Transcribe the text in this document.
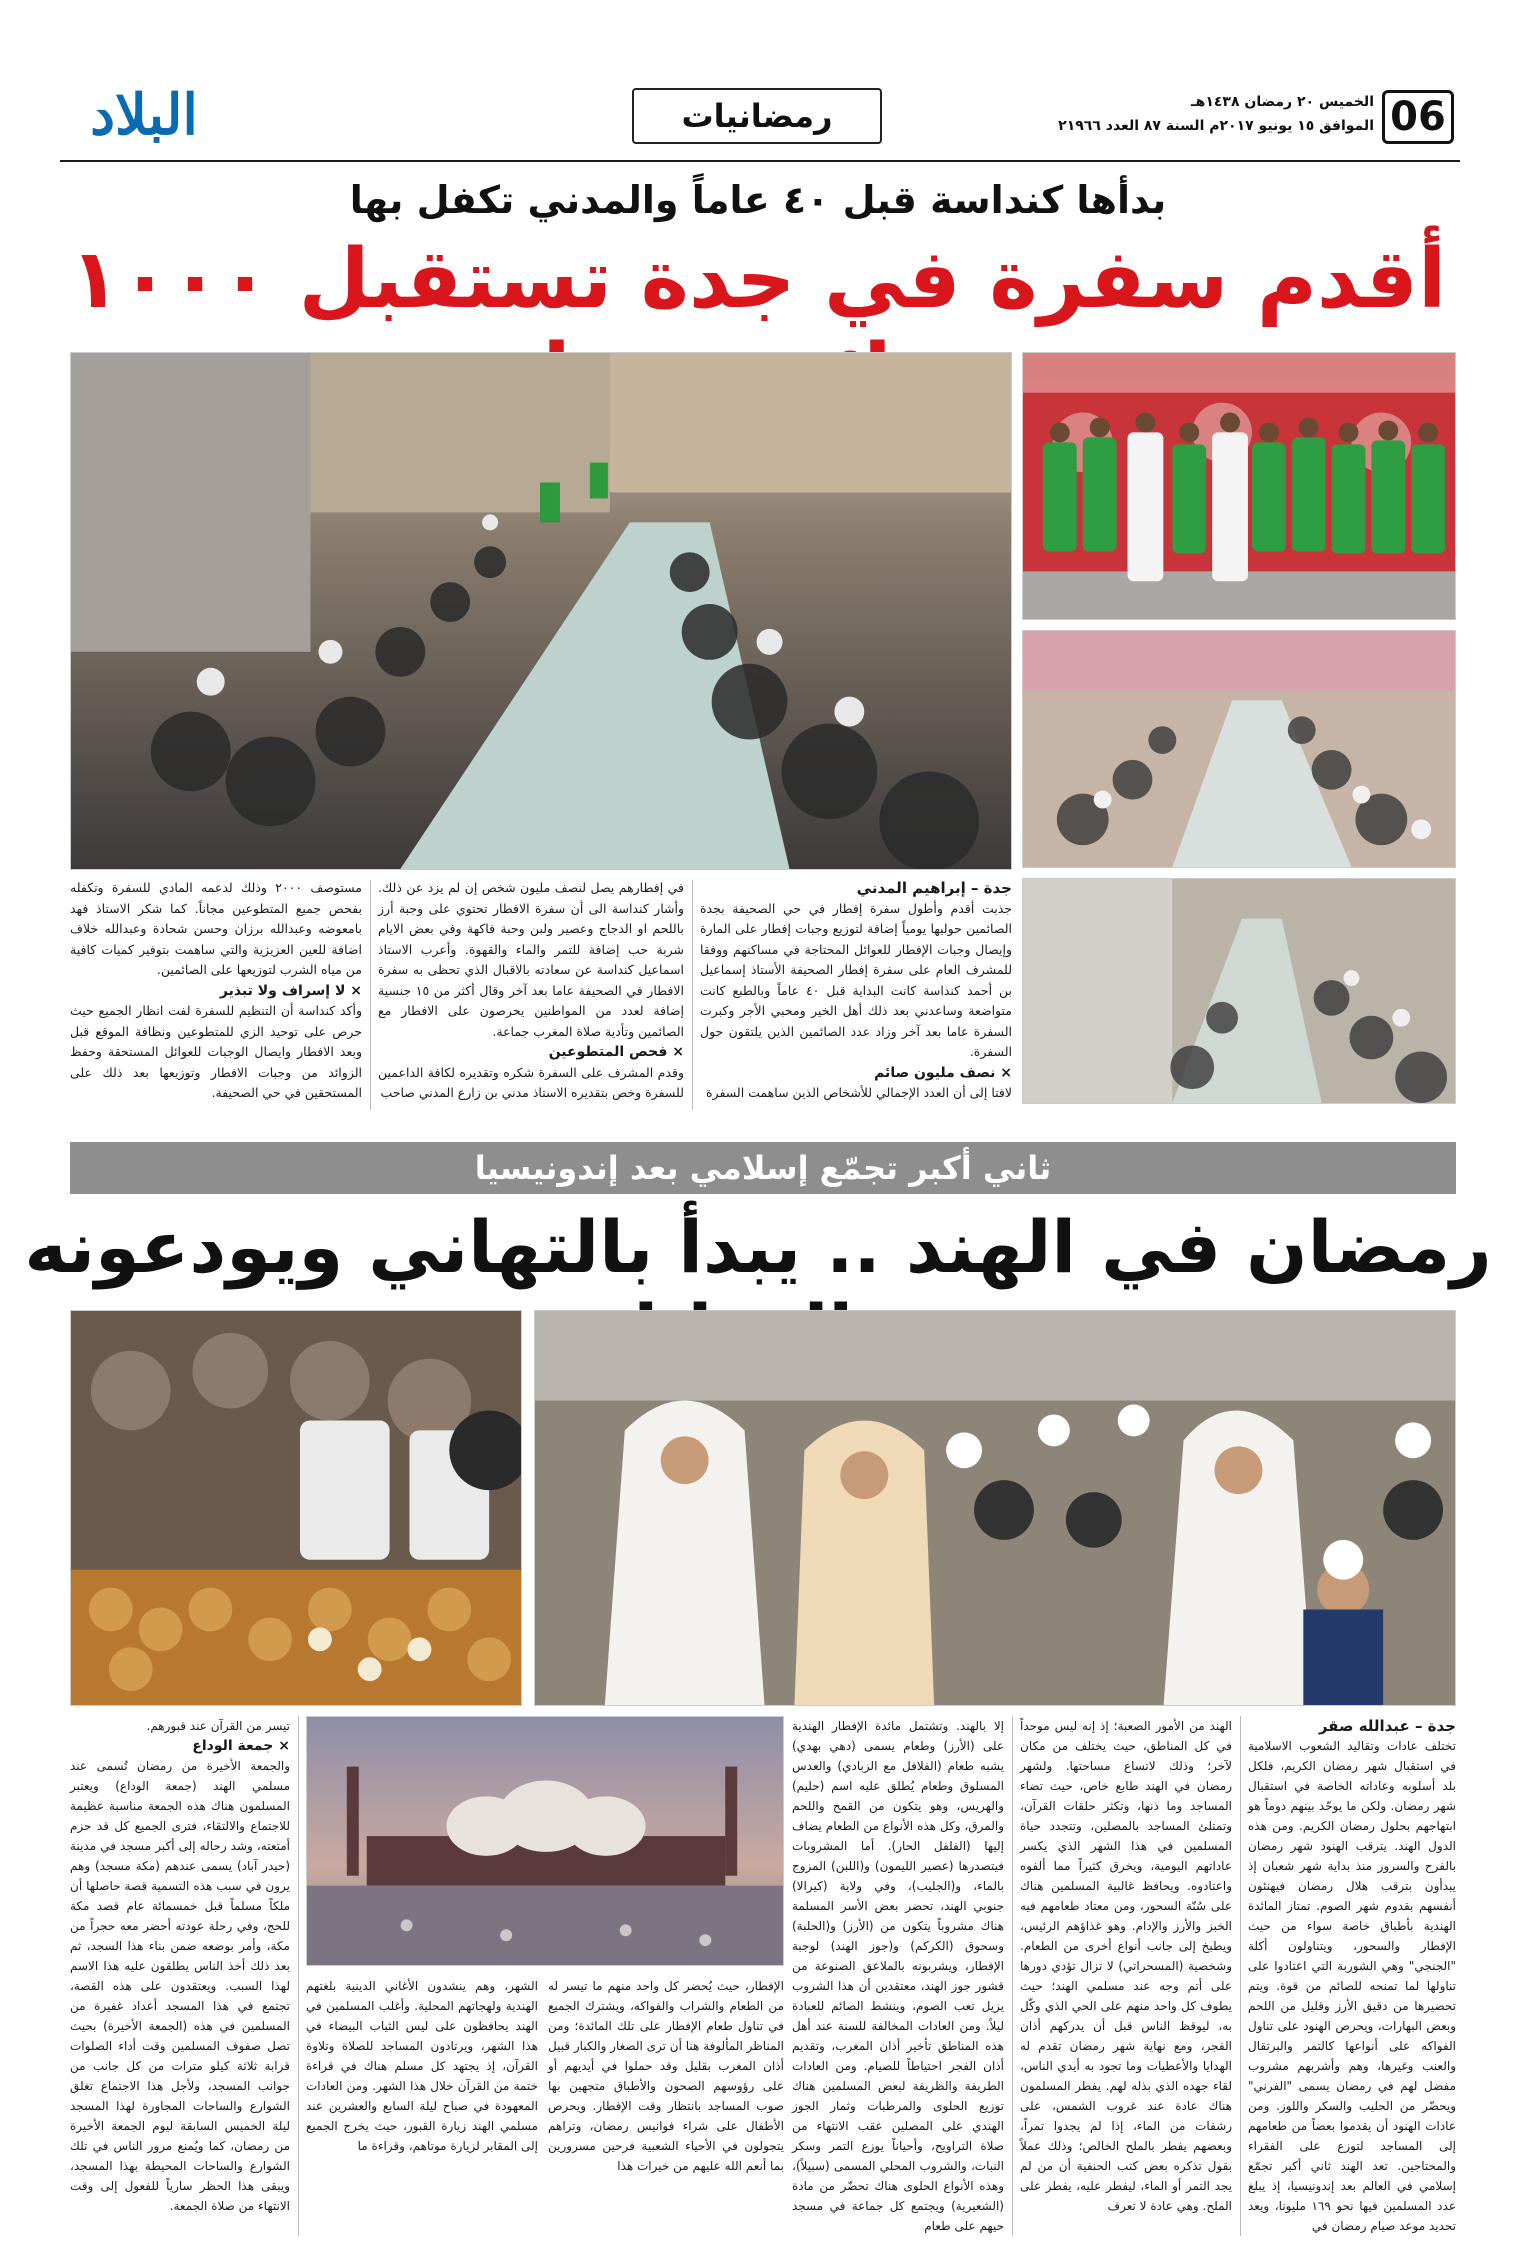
06
الخميس ٢٠ رمضان ١٤٣٨هـ
الموافق ١٥ يونيو ٢٠١٧م السنة ٨٧ العدد ٢١٩٦٦
رمضانيات
البلاد
بدأها كنداسة قبل ٤٠ عاماً والمدني تكفل بها
أقدم سفرة في جدة تستقبل ١٠٠٠

جدة – إبراهيم المدني

جذبت أقدم وأطول سفرة إفطار في حي الصحيفة بجدة الصائمين حوليها يومياً إضافة لتوزيع وجبات إفطار على المارة وإيصال وجبات الإفطار للعوائل المحتاجة في مساكنهم ووفقا للمشرف العام على سفرة إفطار الصحيفة الأستاذ إسماعيل بن أحمد كنداسة كانت البداية قبل ٤٠ عاماً وبالطبع كانت متواضعة وساعدني بعد ذلك أهل الخير ومحبي الأجر وكبرت السفرة عاما بعد آخر وزاد عدد الصائمين الذين يلتقون حول السفرة.

× نصف مليون صائم

لافتا إلى أن العدد الإجمالي للأشخاص الذين ساهمت السفرة

في إفطارهم يصل لنصف مليون شخص إن لم يزد عن ذلك. وأشار كنداسة الى أن سفرة الافطار تحتوي على وجبة أرز باللحم او الدجاج وعصير ولبن وحبة فاكهة وفي بعض الايام شربة حب إضافة للتمر والماء والقهوة. وأعرب الاستاذ اسماعيل كنداسة عن سعادته بالاقبال الذي تحظى به سفرة الافطار في الصحيفة عاما بعد آخر وقال أكثر من ١٥ جنسية إضافة لعدد من المواطنين يحرصون على الافطار مع الصائمين وتأدية صلاة المغرب جماعة.

× فحص المتطوعين

وقدم المشرف على السفرة شكره وتقديره لكافة الداعمين للسفرة وخص بتقديره الاستاذ مدني بن زارع المدني صاحب

مستوصف ٢٠٠٠ وذلك لدعمه المادي للسفرة وتكفله بفحص جميع المتطوعين مجاناً. كما شكر الاستاذ فهد بامعوضه وعبدالله برزان وحسن شحادة وعبدالله خلاف اضافة للعين العزيزية والتي ساهمت بتوفير كميات كافية من مياه الشرب لتوزيعها على الصائمين.

× لا إسراف ولا تبذير

وأكد كنداسة أن التنظيم للسفرة لفت انظار الجميع حيث حرص على توحيد الزي للمتطوعين ونظافة الموقع قبل وبعد الافطار وايصال الوجبات للعوائل المستحقة وحفظ الزوائد من وجبات الافطار وتوزيعها بعد ذلك على المستحقين في حي الصحيفة.

ثاني أكبر تجمّع إسلامي بعد إندونيسيا
رمضان في الهند .. يبدأ بالتهاني ويودعونه

جدة – عبدالله صقر

تختلف عادات وتقاليد الشعوب الاسلامية في استقبال شهر رمضان الكريم، فلكل بلد أسلوبه وعاداته الخاصة في استقبال شهر رمضان. ولكن ما يوحّد بينهم دوماً هو ابتهاجهم بحلول رمضان الكريم. ومن هذه الدول الهند. يترقب الهنود شهر رمضان بالفرح والسرور منذ بداية شهر شعبان إذ يبدأون بترقب هلال رمضان فيهنئون أنفسهم بقدوم شهر الصوم. تمتاز المائدة الهندية بأطباق خاصة سواء من حيث الإفطار والسحور، ويتناولون أكلة "الجنجي" وهي الشوربة التي اعتادوا على تناولها لما تمنحه للصائم من قوة. ويتم تحضيرها من دقيق الأرز وقليل من اللحم وبعض البهارات، ويحرص الهنود على تناول الفواكه على أنواعها كالتمر والبرتقال والعنب وغيرها، وهم وأشربهم مشروب مفضل لهم في رمضان يسمى "الفرني" ويحضّر من الحليب والسكر واللوز. ومن عادات الهنود أن يقدموا بعضاً من طعامهم إلى المساجد لتوزع على الفقراء والمحتاجين. تعد الهند ثاني أكبر تجمّع إسلامي في العالم بعد إندونيسيا، إذ يبلغ عدد المسلمين فيها نحو ١٦٩ مليونا، ويعد تحديد موعد صيام رمضان في

الهند من الأمور الصعبة؛ إذ إنه ليس موحداً في كل المناطق، حيث يختلف من مكان لآخر؛ وذلك لاتساع مساحتها. ولشهر رمضان في الهند طابع خاص، حيث تضاء المساجد وما ذنها، وتكثر حلقات القرآن، وتمتلئ المساجد بالمصلين، وتتجدد حياة المسلمين في هذا الشهر الذي يكسر عاداتهم اليومية، ويخرق كثيراً مما ألفوه واعتادوه. ويحافظ غالبية المسلمين هناك على سُنّة السحور، ومن معتاد طعامهم فيه الخبز والأرز والإدام. وهو غذاؤهم الرئيس، ويطبخ إلى جانب أنواع أخرى من الطعام. وشخصية (المسحراتي) لا تزال تؤدي دورها على أتم وجه عند مسلمي الهند؛ حيث يطوف كل واحد منهم على الحي الذي وكّل به، ليوقظ الناس قبل أن يدركهم أذان الفجر، ومع نهاية شهر رمضان تقدم له الهدايا والأعطيات وما تجود به أيدي الناس، لقاء جهده الذي بذله لهم. يفطر المسلمون هناك عادة عند غروب الشمس، على رشفات من الماء، إذا لم يجدوا تمراً، وبعضهم يفطر بالملح الخالص؛ وذلك عملاً بقول تذكره بعض كتب الحنفية أن من لم يجد التمر أو الماء، ليفطر عليه، يفطر على الملح. وهي عادة لا تعرف

إلا بالهند. وتشتمل مائدة الإفطار الهندية على (الأرز) وطعام يسمى (دهي بهدي) يشبه طعام (الفلافل مع الزبادي) والعدس المسلوق وطعام يُطلق عليه اسم (حليم) والهريس، وهو يتكون من القمح واللحم والمرق، وكل هذه الأنواع من الطعام يضاف إليها (الفلفل الحار). أما المشروبات فيتصدرها (عصير الليمون) و(اللبن) المزوج بالماء، و(الجليب)، وفي ولاية (كيرالا) جنوبي الهند، تحضر بعض الأسر المسلمة هناك مشروباً يتكون من (الأرز) و(الحلبة) وسحوق (الكركم) و(جوز الهند) لوجبة الإفطار، ويشربونه بالملاعق الصنوعة من قشور جوز الهند، معتقدين أن هذا الشروب يزيل تعب الصوم، وينشط الصائم للعبادة ليلاً. ومن العادات المخالفة للسنة عند أهل هذه المناطق تأخير أذان المغرب، وتقديم أذان الفجر احتياطاً للصيام. ومن العادات الطريفة والظريفة لبعض المسلمين هناك توزيع الحلوى والمرطبات وثمار الجوز الهندي على المصلين عقب الانتهاء من صلاة التراويح، وأحياناً يوزع التمر وسكر النبات، والشروب المحلي المسمى (سبيلاً)، وهذه الأنواع الحلوى هناك تحضّر من مادة (الشعيرية) ويجتمع كل جماعة في مسجد حيهم على طعام

الإفطار، حيث يُحضر كل واحد منهم ما تيسر له من الطعام والشراب والفواكه، ويشترك الجميع في تناول طعام الإفطار على تلك المائدة؛ ومن المناظر المألوفة هنا أن ترى الصغار والكبار قبيل أذان المغرب بقليل وقد حملوا في أيديهم أو على رؤوسهم الصحون والأطباق متجهين بها صوب المساجد بانتظار وقت الإفطار. ويحرص الأطفال على شراء فوانيس رمضان، وتراهم يتجولون في الأحياء الشعبية فرحين مسرورين بما أنعم الله عليهم من خيرات هذا

الشهر، وهم ينشدون الأغاني الدينية بلغتهم الهندية ولهجاتهم المحلية. وأغلب المسلمين في الهند يحافظون على ليس الثياب البيضاء في هذا الشهر، ويرتادون المساجد للصلاة وتلاوة القرآن، إذ يجتهد كل مسلم هناك في قراءة ختمة من القرآن خلال هذا الشهر. ومن العادات المعهودة في صباح ليلة السابع والعشرين عند مسلمي الهند زيارة القبور، حيث يخرج الجميع إلى المقابر لزيارة موتاهم، وقراءة ما

تيسر من القرآن عند قبورهم.

× جمعة الوداع

والجمعة الأخيرة من رمضان تُسمى عند مسلمي الهند (جمعة الوداع) ويعتبر المسلمون هناك هذه الجمعة مناسبة عظيمة للاجتماع والالتقاء، فترى الجميع كل قد حزم أمتعته، وشد رحاله إلى أكبر مسجد في مدينة (حيدر آباد) يسمى عندهم (مكة مسجد) وهم يرون في سبب هذه التسمية قصة حاصلها أن ملكاً مسلماً قبل خمسمائة عام قصد مكة للحج، وفي رحلة عودته أحضر معه حجراً من مكة، وأمر بوضعه ضمن بناء هذا السجد، ثم بعد ذلك أخذ الناس يطلقون عليه هذا الاسم لهذا السبب. ويعتقدون على هذه القصة، تجتمع في هذا المسجد أعداد غفيرة من المسلمين في هذه (الجمعة الأخيرة) بحيث تصل صفوف المسلمين وقت أداء الصلوات قرابة ثلاثة كيلو مترات من كل جانب من جوانب المسجد، ولأجل هذا الاجتماع تغلق الشوارع والساحات المجاورة لهذا المسجد ليلة الخميس السابقة ليوم الجمعة الأخيرة من رمضان، كما ويُمنع مرور الناس في تلك الشوارع والساحات المحيطة بهذا المسجد، ويبقى هذا الحظر سارياً للفعول إلى وقت الانتهاء من صلاة الجمعة.
